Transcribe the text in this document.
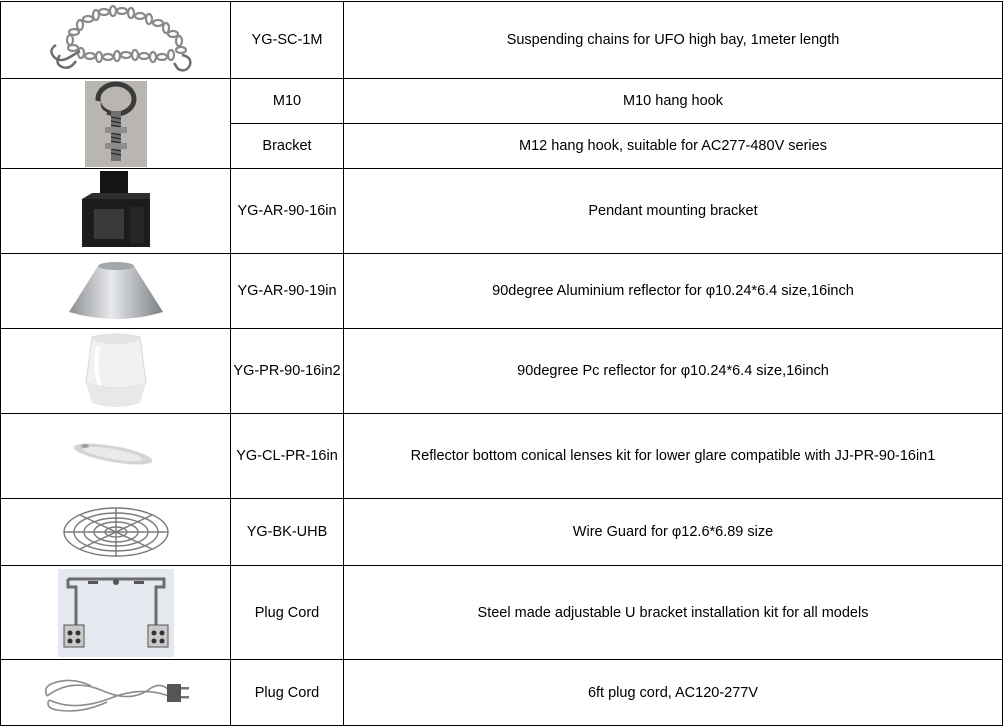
	YG-SC-1M	Suspending chains for UFO high bay, 1meter length

	M10	M10 hang hook
	Bracket	M12 hang hook, suitable for AC277-480V series

	YG-AR-90-16in	Pendant mounting bracket

	YG-AR-90-19in	90degree Aluminium reflector for φ10.24*6.4 size,16inch

	YG-PR-90-16in2	90degree Pc reflector for φ10.24*6.4 size,16inch

	YG-CL-PR-16in	Reflector bottom conical lenses kit for lower glare compatible with JJ-PR-90-16in1

	YG-BK-UHB	Wire Guard for φ12.6*6.89 size

	Plug Cord	Steel made adjustable U bracket installation kit for all models

	Plug Cord	6ft plug cord, AC120-277V
